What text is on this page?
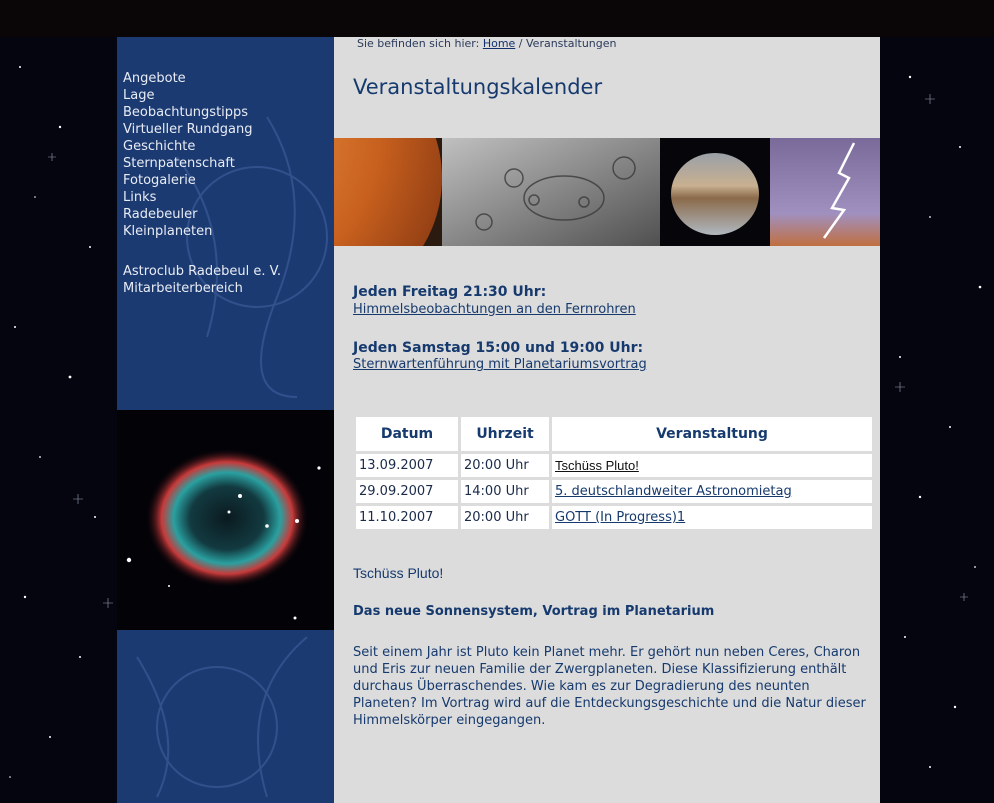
Angebote
Lage
Beobachtungstipps
Virtueller Rundgang
Geschichte
Sternpatenschaft
Fotogalerie
Links
Radebeuler
Kleinplaneten
Astroclub Radebeul e. V.
Mitarbeiterbereich
Sie befinden sich hier: Home / Veranstaltungen
Veranstaltungskalender
Jeden Freitag 21:30 Uhr:
Himmelsbeobachtungen an den Fernrohren
Jeden Samstag 15:00 und 19:00 Uhr:
Sternwartenführung mit Planetariumsvortrag
Datum	Uhrzeit	Veranstaltung
13.09.2007	20:00 Uhr	Tschüss Pluto!
29.09.2007	14:00 Uhr	5. deutschlandweiter Astronomietag
11.10.2007	20:00 Uhr	GOTT (In Progress)1
Tschüss Pluto!
Das neue Sonnensystem, Vortrag im Planetarium

Seit einem Jahr ist Pluto kein Planet mehr. Er gehört nun neben Ceres, Charon und Eris zur neuen Familie der Zwergplaneten. Diese Klassifizierung enthält durchaus Überraschendes. Wie kam es zur Degradierung des neunten Planeten? Im Vortrag wird auf die Entdeckungsgeschichte und die Natur dieser Himmelskörper eingegangen.
